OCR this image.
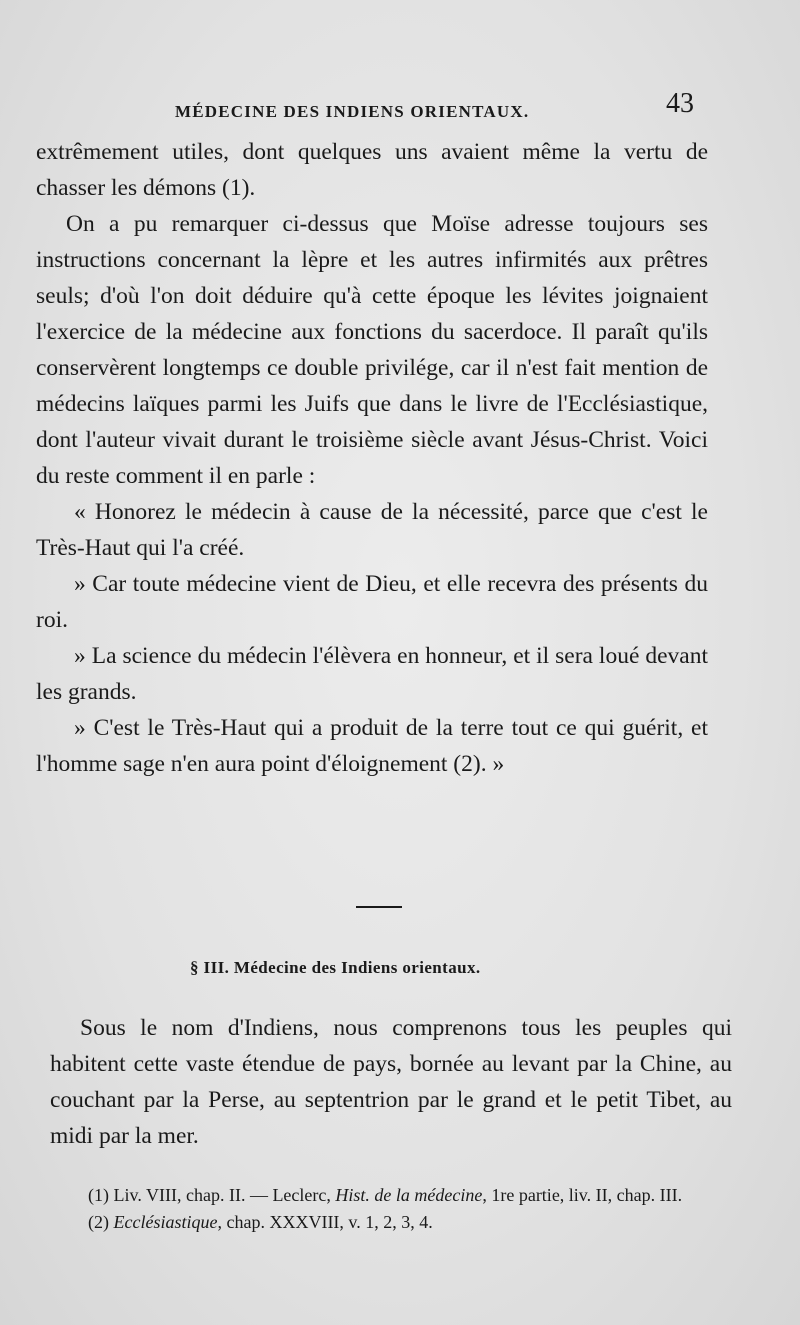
MÉDECINE DES INDIENS ORIENTAUX.	43

extrêmement utiles, dont quelques uns avaient même la vertu de chasser les démons (1).

On a pu remarquer ci-dessus que Moïse adresse toujours ses instructions concernant la lèpre et les autres infirmités aux prêtres seuls; d'où l'on doit déduire qu'à cette époque les lévites joignaient l'exercice de la médecine aux fonctions du sacerdoce. Il paraît qu'ils conservèrent longtemps ce double privilége, car il n'est fait mention de médecins laïques parmi les Juifs que dans le livre de l'Ecclésiastique, dont l'auteur vivait durant le troisième siècle avant Jésus-Christ. Voici du reste comment il en parle :

« Honorez le médecin à cause de la nécessité, parce que c'est le Très-Haut qui l'a créé.

» Car toute médecine vient de Dieu, et elle recevra des présents du roi.

» La science du médecin l'élèvera en honneur, et il sera loué devant les grands.

» C'est le Très-Haut qui a produit de la terre tout ce qui guérit, et l'homme sage n'en aura point d'éloignement (2). »

§ III. Médecine des Indiens orientaux.

Sous le nom d'Indiens, nous comprenons tous les peuples qui habitent cette vaste étendue de pays, bornée au levant par la Chine, au couchant par la Perse, au septentrion par le grand et le petit Tibet, au midi par la mer.

(1) Liv. VIII, chap. II. — Leclerc, Hist. de la médecine, 1re partie, liv. II, chap. III.

(2) Ecclésiastique, chap. XXXVIII, v. 1, 2, 3, 4.
